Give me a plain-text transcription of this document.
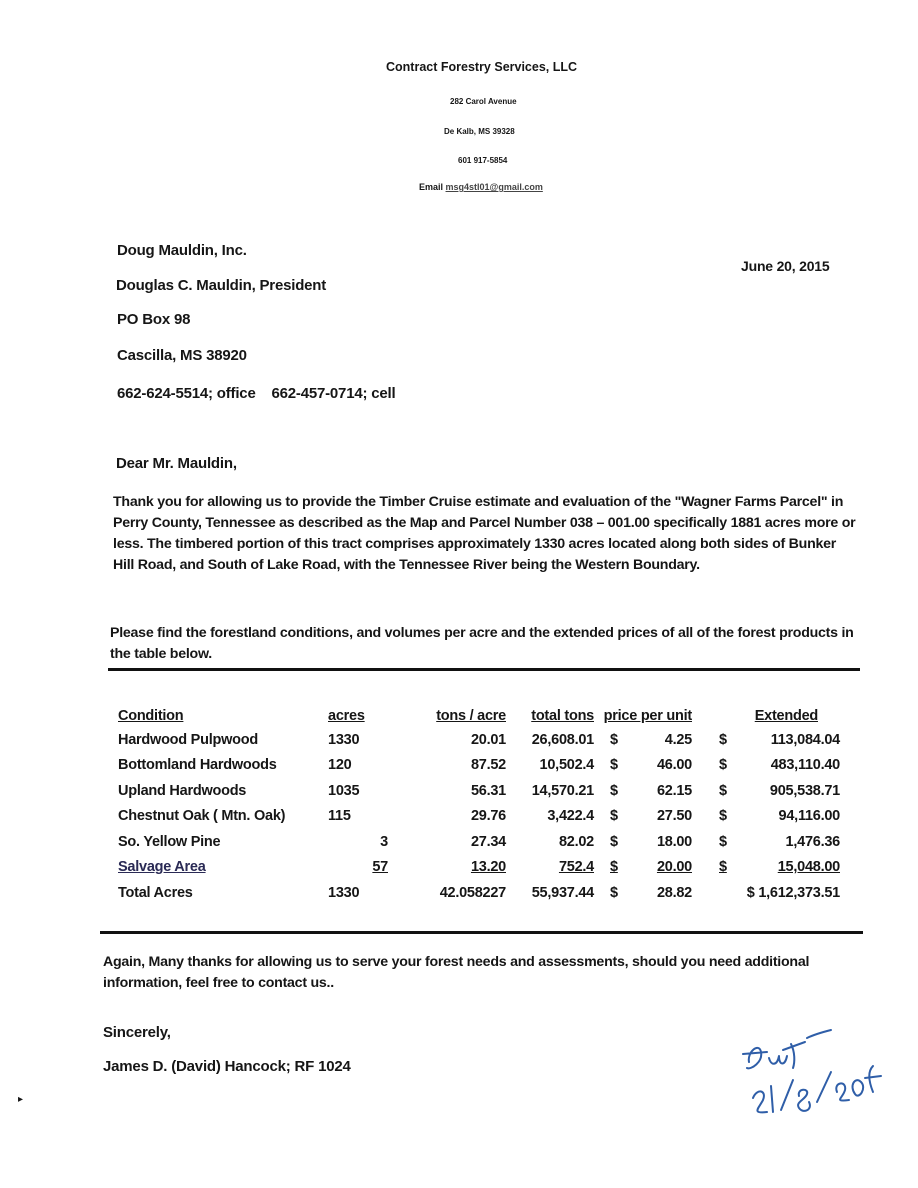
Contract Forestry Services, LLC
282 Carol Avenue
De Kalb, MS 39328
601 917-5854
Email msg4stl01@gmail.com
Doug Mauldin, Inc.
Douglas C. Mauldin, President
PO Box 98
Cascilla, MS 38920
662-624-5514; office 662-457-0714; cell
June 20, 2015
Dear Mr. Mauldin,
Thank you for allowing us to provide the Timber Cruise estimate and evaluation of the "Wagner Farms Parcel" in Perry County, Tennessee as described as the Map and Parcel Number 038 – 001.00 specifically 1881 acres more or less. The timbered portion of this tract comprises approximately 1330 acres located along both sides of Bunker Hill Road, and South of Lake Road, with the Tennessee River being the Western Boundary.
Please find the forestland conditions, and volumes per acre and the extended prices of all of the forest products in the table below.
Condition	acres	tons / acre	total tons	price per unit		Extended	
Hardwood Pulpwood	1330	20.01	26,608.01	$	4.25	$	113,084.04
Bottomland Hardwoods	120	87.52	10,502.4	$	46.00	$	483,110.40
Upland Hardwoods	1035	56.31	14,570.21	$	62.15	$	905,538.71
Chestnut Oak ( Mtn. Oak)	115	29.76	3,422.4	$	27.50	$	94,116.00
So. Yellow Pine	3	27.34	82.02	$	18.00	$	1,476.36
Salvage Area	57	13.20	752.4	$	20.00	$	15,048.00
Total Acres	1330	42.058227	55,937.44	$	28.82	$ 1,612,373.51	
Again, Many thanks for allowing us to serve your forest needs and assessments, should you need additional information, feel free to contact us..
Sincerely,
James D. (David) Hancock; RF 1024
▸
